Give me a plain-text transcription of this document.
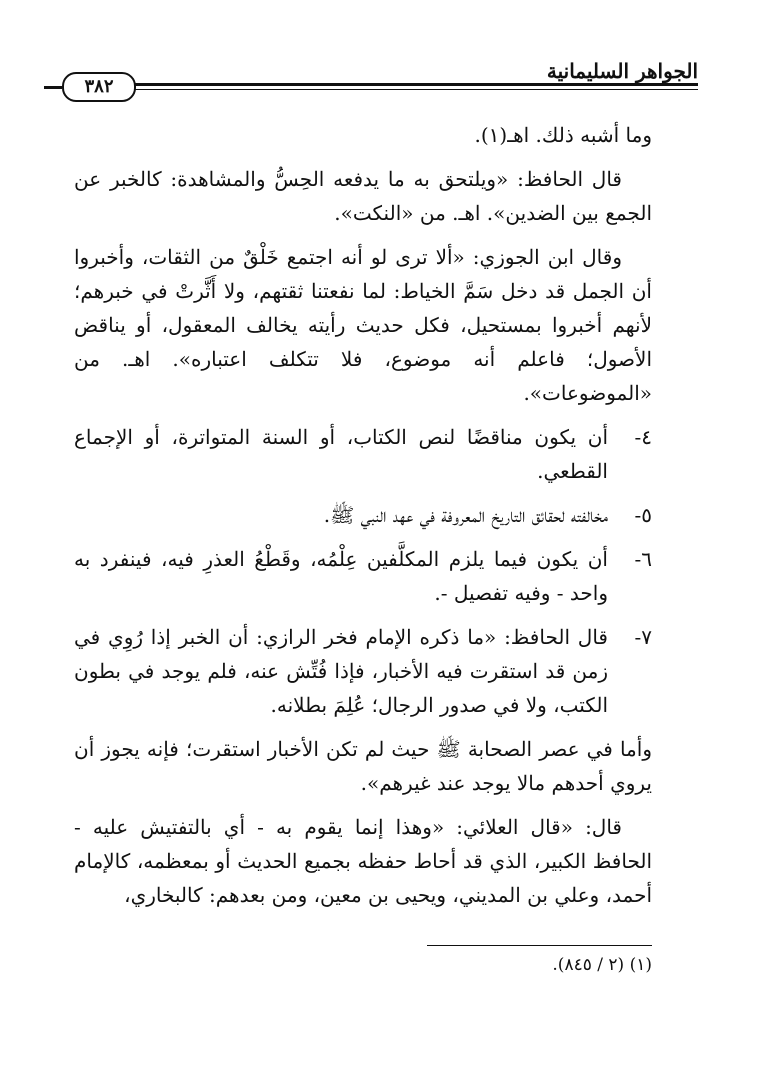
الجواهر السليمانية
٣٨٢

وما أشبه ذلك. اهـ(١).

قال الحافظ: «ويلتحق به ما يدفعه الحِسُّ والمشاهدة: كالخبر عن الجمع بين الضدين». اهـ. من «النكت».

وقال ابن الجوزي: «ألا ترى لو أنه اجتمع خَلْقٌ من الثقات، وأخبروا أن الجمل قد دخل سَمَّ الخياط: لما نفعتنا ثقتهم، ولا أَثَّرتْ في خبرهم؛ لأنهم أخبروا بمستحيل، فكل حديث رأيته يخالف المعقول، أو يناقض الأصول؛ فاعلم أنه موضوع، فلا تتكلف اعتباره». اهـ. من «الموضوعات».

٤-
أن يكون مناقضًا لنص الكتاب، أو السنة المتواترة، أو الإجماع القطعي.
٥-
مخالفته لحقائق التاريخ المعروفة في عهد النبي ﷺ.
٦-
أن يكون فيما يلزم المكلَّفين عِلْمُه، وقَطْعُ العذرِ فيه، فينفرد به واحد - وفيه تفصيل -.
٧-
قال الحافظ: «ما ذكره الإمام فخر الرازي: أن الخبر إذا رُوِي في زمن قد استقرت فيه الأخبار، فإذا فُتِّش عنه، فلم يوجد في بطون الكتب، ولا في صدور الرجال؛ عُلِمَ بطلانه.

وأما في عصر الصحابة ﷺ حيث لم تكن الأخبار استقرت؛ فإنه يجوز أن يروي أحدهم مالا يوجد عند غيرهم».

قال: «قال العلائي: «وهذا إنما يقوم به - أي بالتفتيش عليه - الحافظ الكبير، الذي قد أحاط حفظه بجميع الحديث أو بمعظمه، كالإمام أحمد، وعلي بن المديني، ويحيى بن معين، ومن بعدهم: كالبخاري،

(١) (٢ / ٨٤٥).
